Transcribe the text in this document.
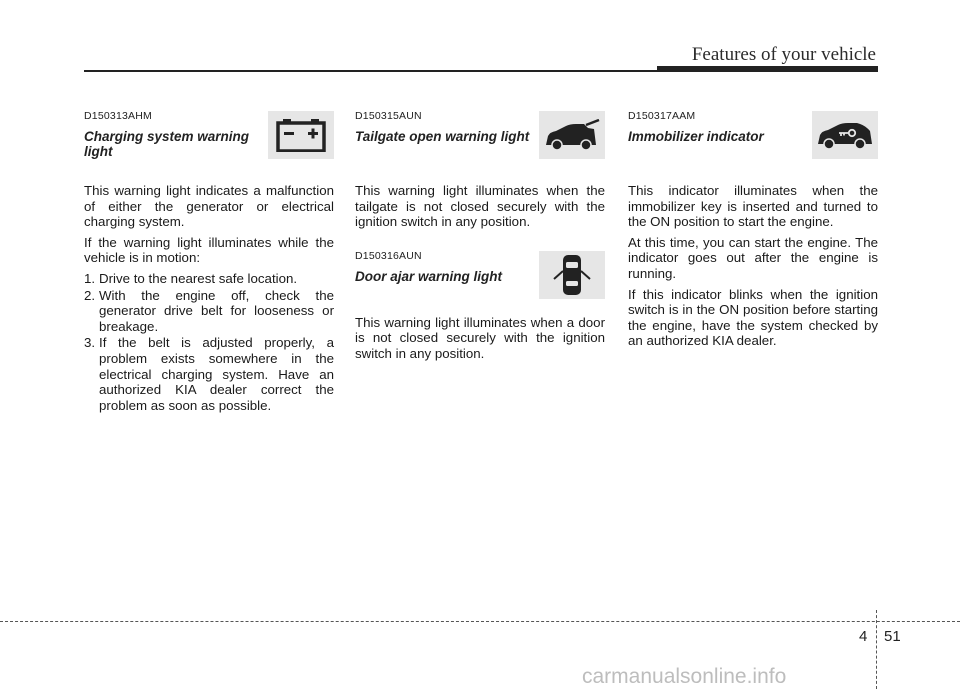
Features of your vehicle
D150313AHM
Charging system warning light

This warning light indicates a malfunction of either the generator or electrical charging system.

If the warning light illuminates while the vehicle is in motion:

1. Drive to the nearest safe location.
2. With the engine off, check the generator drive belt for looseness or breakage.
3. If the belt is adjusted properly, a problem exists somewhere in the electrical charging system. Have an authorized KIA dealer correct the problem as soon as possible.
D150315AUN
Tailgate open warning light

This warning light illuminates when the tailgate is not closed securely with the ignition switch in any position.

D150316AUN
Door ajar warning light

This warning light illuminates when a door is not closed securely with the ignition switch in any position.

D150317AAM
Immobilizer indicator

This indicator illuminates when the immobilizer key is inserted and turned to the ON position to start the engine.

At this time, you can start the engine. The indicator goes out after the engine is running.

If this indicator blinks when the ignition switch is in the ON position before starting the engine, have the system checked by an authorized KIA dealer.

4 51
carmanualsonline.info
